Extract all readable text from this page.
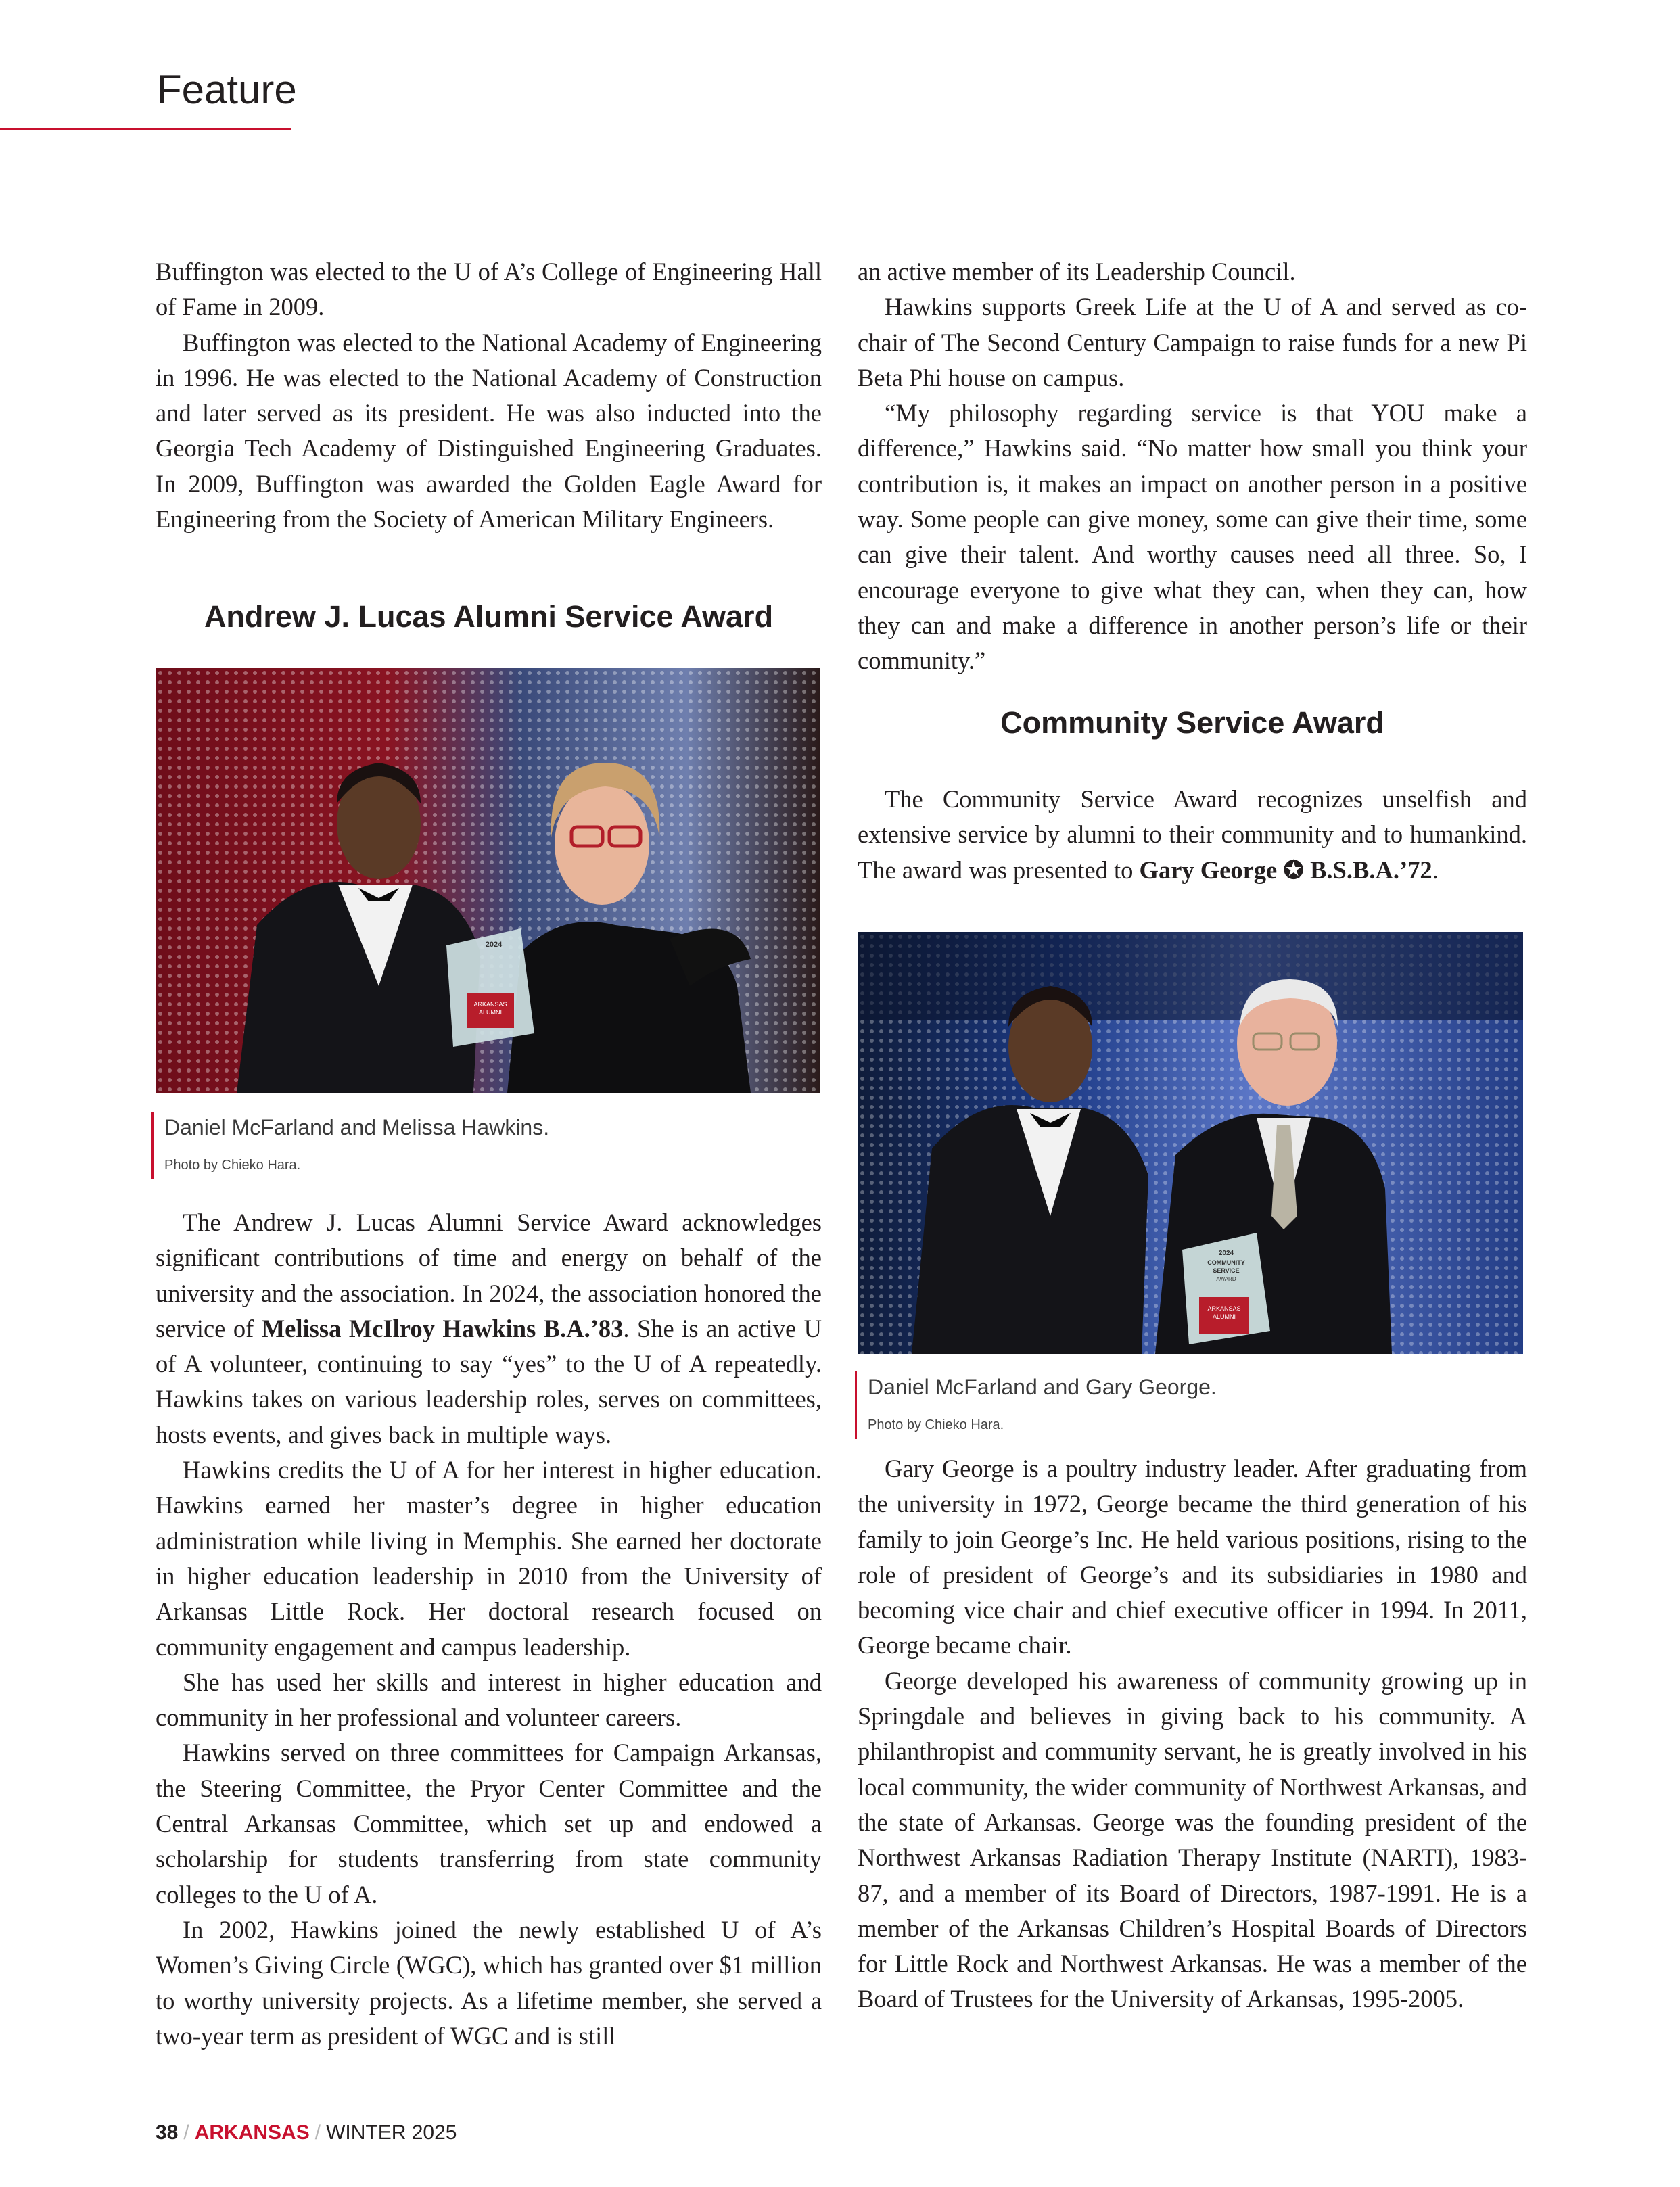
Feature

Buffington was elected to the U of A’s College of Engineering Hall of Fame in 2009.

Buffington was elected to the National Academy of Engineering in 1996. He was elected to the National Academy of Construction and later served as its president. He was also inducted into the Georgia Tech Academy of Distinguished Engineering Graduates. In 2009, Buffington was awarded the Golden Eagle Award for Engineering from the Society of American Military Engineers.

Andrew J. Lucas Alumni Service Award
2024
ARKANSAS
ALUMNI
Daniel McFarland and Melissa Hawkins.
Photo by Chieko Hara.

The Andrew J. Lucas Alumni Service Award acknowledges significant contributions of time and energy on behalf of the university and the association. In 2024, the association honored the service of Melissa McIlroy Hawkins B.A.’83. She is an active U of A volunteer, continuing to say “yes” to the U of A repeatedly. Hawkins takes on various leadership roles, serves on committees, hosts events, and gives back in multiple ways.

Hawkins credits the U of A for her interest in higher education. Hawkins earned her master’s degree in higher education administration while living in Memphis. She earned her doctorate in higher education leadership in 2010 from the University of Arkansas Little Rock. Her doctoral research focused on community engagement and campus leadership.

She has used her skills and interest in higher education and community in her professional and volunteer careers.

Hawkins served on three committees for Campaign Arkansas, the Steering Committee, the Pryor Center Committee and the Central Arkansas Committee, which set up and endowed a scholarship for students transferring from state community colleges to the U of A.

In 2002, Hawkins joined the newly established U of A’s Women’s Giving Circle (WGC), which has granted over $1 million to worthy university projects. As a lifetime member, she served a two-year term as president of WGC and is still

an active member of its Leadership Council.

Hawkins supports Greek Life at the U of A and served as co-chair of The Second Century Campaign to raise funds for a new Pi Beta Phi house on campus.

“My philosophy regarding service is that YOU make a difference,” Hawkins said. “No matter how small you think your contribution is, it makes an impact on another person in a positive way. Some people can give money, some can give their time, some can give their talent. And worthy causes need all three. So, I encourage everyone to give what they can, when they can, how they can and make a difference in another person’s life or their community.”

Community Service Award

The Community Service Award recognizes unselfish and extensive service by alumni to their community and to humankind. The award was presented to Gary George ✪ B.S.B.A.’72.

2024
COMMUNITY
SERVICE
AWARD
ARKANSAS
ALUMNI
Daniel McFarland and Gary George.
Photo by Chieko Hara.

Gary George is a poultry industry leader. After graduating from the university in 1972, George became the third generation of his family to join George’s Inc. He held various positions, rising to the role of president of George’s and its subsidiaries in 1980 and becoming vice chair and chief executive officer in 1994. In 2011, George became chair.

George developed his awareness of community growing up in Springdale and believes in giving back to his community. A philanthropist and community servant, he is greatly involved in his local community, the wider community of Northwest Arkansas, and the state of Arkansas. George was the founding president of the Northwest Arkansas Radiation Therapy Institute (NARTI), 1983-87, and a member of its Board of Directors, 1987-1991. He is a member of the Arkansas Children’s Hospital Boards of Directors for Little Rock and Northwest Arkansas. He was a member of the Board of Trustees for the University of Arkansas, 1995-2005.

38 / ARKANSAS / WINTER 2025
